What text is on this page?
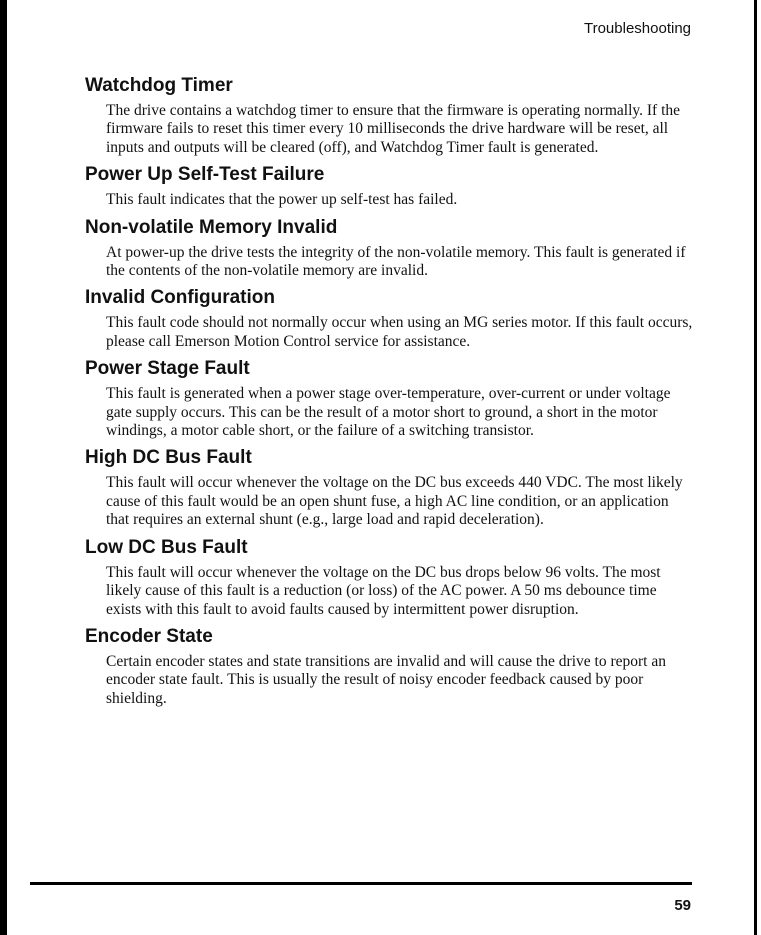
Troubleshooting
Watchdog Timer

The drive contains a watchdog timer to ensure that the firmware is operating normally. If the firmware fails to reset this timer every 10 milliseconds the drive hardware will be reset, all inputs and outputs will be cleared (off), and Watchdog Timer fault is generated.

Power Up Self-Test Failure

This fault indicates that the power up self-test has failed.

Non-volatile Memory Invalid

At power-up the drive tests the integrity of the non-volatile memory. This fault is generated if the contents of the non-volatile memory are invalid.

Invalid Configuration

This fault code should not normally occur when using an MG series motor. If this fault occurs, please call Emerson Motion Control service for assistance.

Power Stage Fault

This fault is generated when a power stage over-temperature, over-current or under voltage gate supply occurs. This can be the result of a motor short to ground, a short in the motor windings, a motor cable short, or the failure of a switching transistor.

High DC Bus Fault

This fault will occur whenever the voltage on the DC bus exceeds 440 VDC. The most likely cause of this fault would be an open shunt fuse, a high AC line condition, or an application that requires an external shunt (e.g., large load and rapid deceleration).

Low DC Bus Fault

This fault will occur whenever the voltage on the DC bus drops below 96 volts. The most likely cause of this fault is a reduction (or loss) of the AC power. A 50 ms debounce time exists with this fault to avoid faults caused by intermittent power disruption.

Encoder State

Certain encoder states and state transitions are invalid and will cause the drive to report an encoder state fault. This is usually the result of noisy encoder feedback caused by poor shielding.

59
